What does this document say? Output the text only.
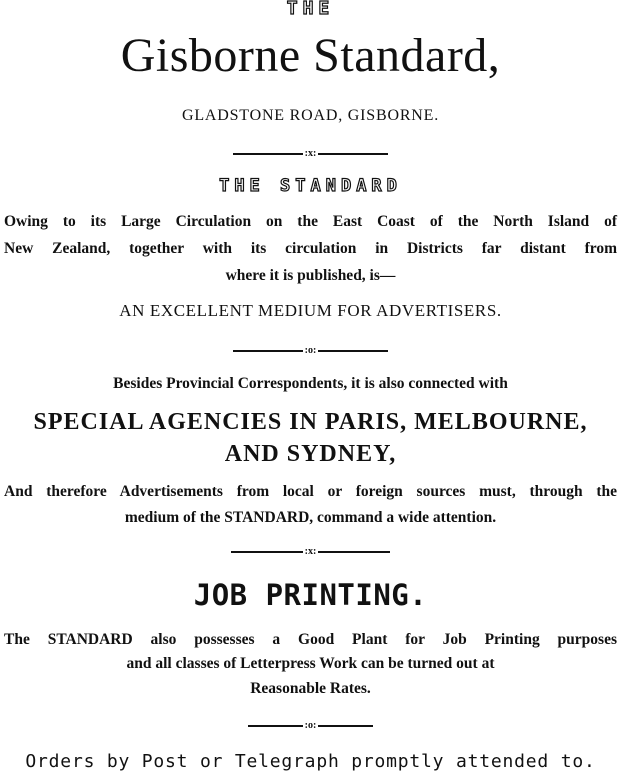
THE
Gisborne Standard,
GLADSTONE ROAD, GISBORNE.
:x:
THE STANDARD
Owing to its Large Circulation on the East Coast of the North Island of
New Zealand, together with its circulation in Districts far distant from
where it is published, is—
AN EXCELLENT MEDIUM FOR ADVERTISERS.
:o:
Besides Provincial Correspondents, it is also connected with
SPECIAL AGENCIES IN PARIS, MELBOURNE,
AND SYDNEY,
And therefore Advertisements from local or foreign sources must, through the
medium of the STANDARD, command a wide attention.
:x:
JOB PRINTING.
The STANDARD also possesses a Good Plant for Job Printing purposes
and all classes of Letterpress Work can be turned out at
Reasonable Rates.
:o:
Orders by Post or Telegraph promptly attended to.
